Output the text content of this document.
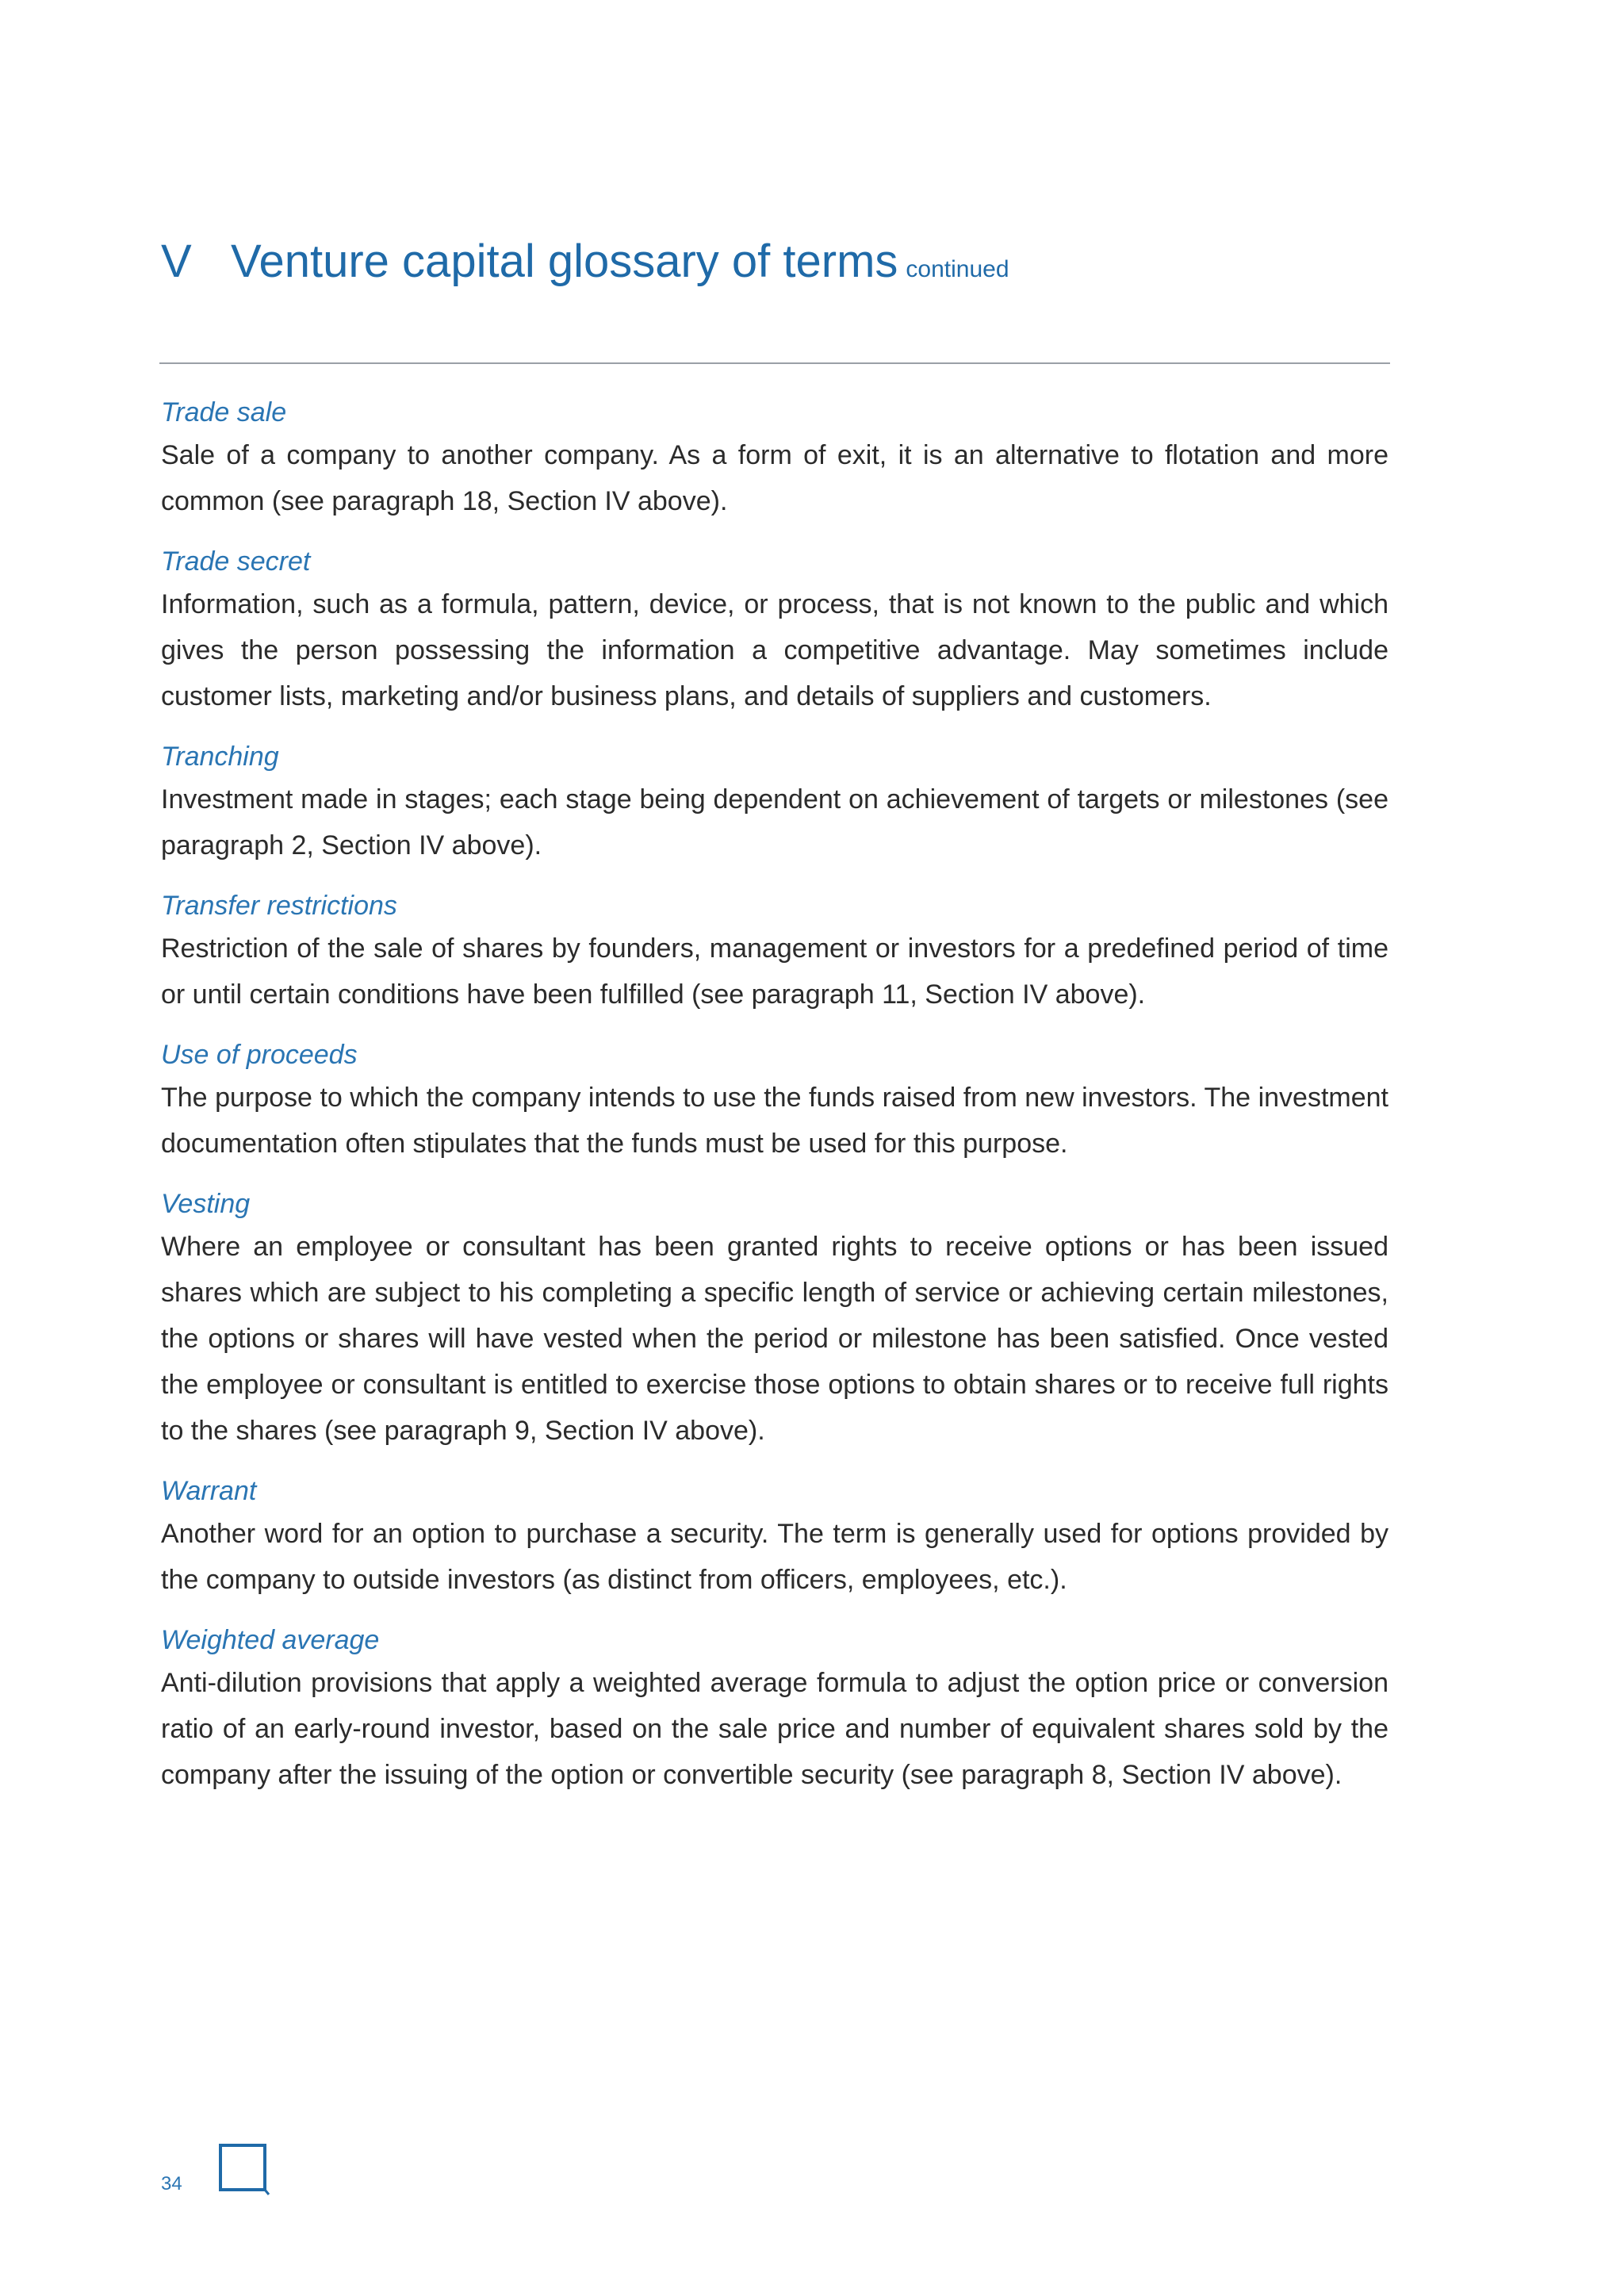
V Venture capital glossary of terms continued

Trade sale

Sale of a company to another company. As a form of exit, it is an alternative to flotation and more common (see paragraph 18, Section IV above).

Trade secret

Information, such as a formula, pattern, device, or process, that is not known to the public and which gives the person possessing the information a competitive advantage. May sometimes include customer lists, marketing and/or business plans, and details of suppliers and customers.

Tranching

Investment made in stages; each stage being dependent on achievement of targets or milestones (see paragraph 2, Section IV above).

Transfer restrictions

Restriction of the sale of shares by founders, management or investors for a predefined period of time or until certain conditions have been fulfilled (see paragraph 11, Section IV above).

Use of proceeds

The purpose to which the company intends to use the funds raised from new investors. The investment documentation often stipulates that the funds must be used for this purpose.

Vesting

Where an employee or consultant has been granted rights to receive options or has been issued shares which are subject to his completing a specific length of service or achieving certain milestones, the options or shares will have vested when the period or milestone has been satisfied. Once vested the employee or consultant is entitled to exercise those options to obtain shares or to receive full rights to the shares (see paragraph 9, Section IV above).

Warrant

Another word for an option to purchase a security. The term is generally used for options provided by the company to outside investors (as distinct from officers, employees, etc.).

Weighted average

Anti-dilution provisions that apply a weighted average formula to adjust the option price or conversion ratio of an early-round investor, based on the sale price and number of equivalent shares sold by the company after the issuing of the option or convertible security (see paragraph 8, Section IV above).

34
